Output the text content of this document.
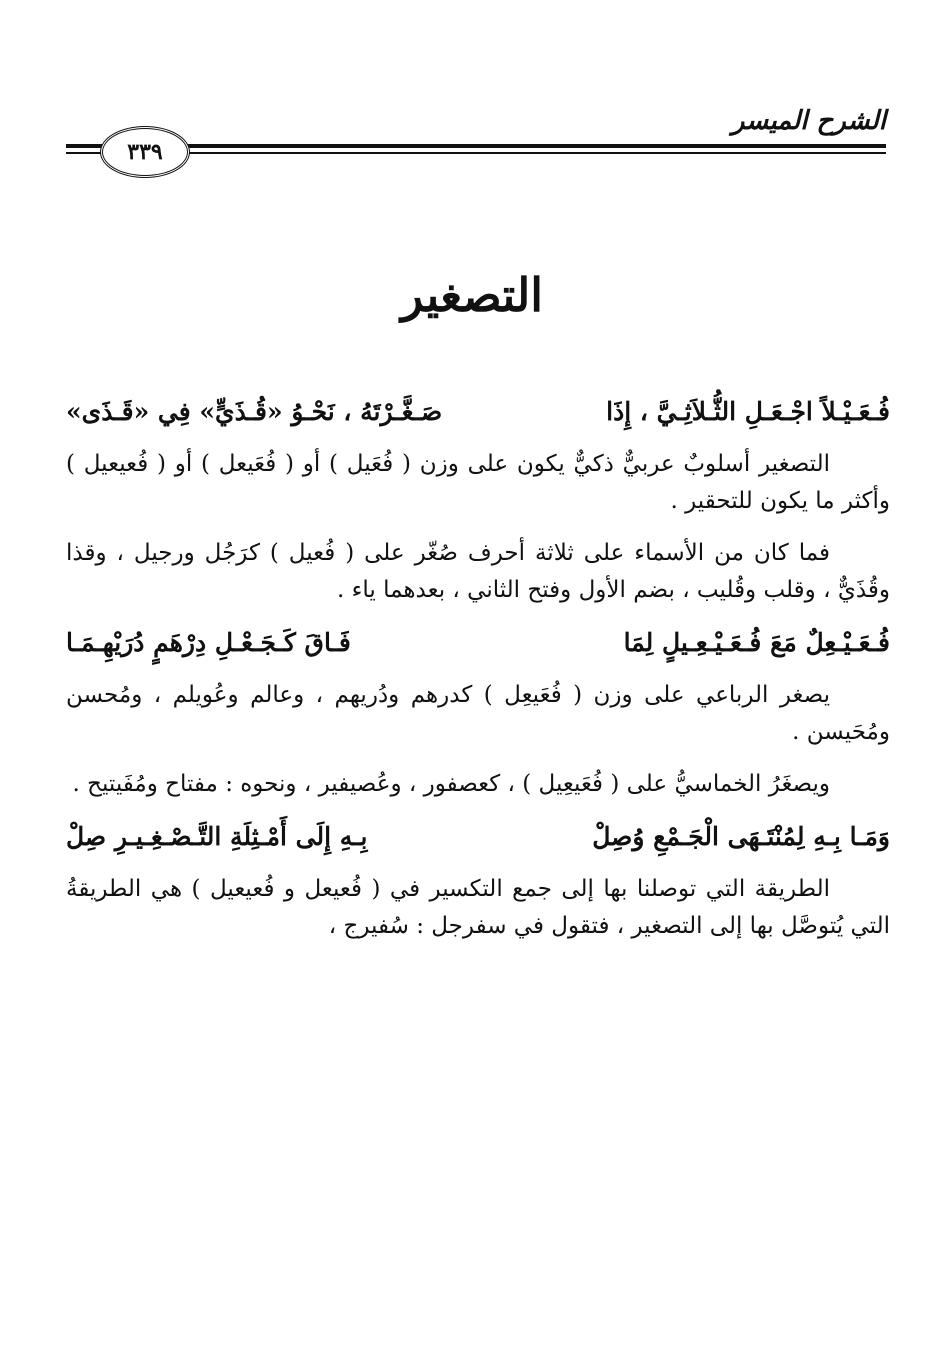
الشرح الميسر
٣٣٩
التصغير
فُـعَـيْـلاً اجْـعَـلِ الثُّـلاَثِـيَّ ، إِذَا
صَـغَّـرْتَهُ ، نَحْـوُ «قُـذَيٍّ» فِي «قَـذَى»

التصغير أسلوبٌ عربيٌّ ذكيٌّ يكون على وزن ( فُعَيل ) أو ( فُعَيعل ) أو ( فُعيعيل ) وأكثر ما يكون للتحقير .

فما كان من الأسماء على ثلاثة أحرف صُغّر على ( فُعيل ) كرَجُل ورجيل ، وقذا وقُذَيٌّ ، وقلب وقُليب ، بضم الأول وفتح الثاني ، بعدهما ياء .

فُـعَـيْـعِلٌ مَعَ فُـعَـيْـعِـيلٍ لِمَا
فَـاقَ كَـجَـعْـلِ دِرْهَمٍ دُرَيْهِـمَـا

يصغر الرباعي على وزن ( فُعَيعِل ) كدرهم ودُريهم ، وعالم وعُويلم ، ومُحسن ومُحَيسن .

ويصغَرُ الخماسيُّ على ( فُعَيعِيل ) ، كعصفور ، وعُصيفير ، ونحوه : مفتاح ومُفَيتيح .

وَمَـا بِـهِ لِمُنْتَـهَى الْجَـمْعِ وُصِلْ
بِـهِ إِلَى أَمْـثِلَةِ التَّـصْـغِـيـرِ صِلْ

الطريقة التي توصلنا بها إلى جمع التكسير في ( فُعيعل و فُعيعيل ) هي الطريقةُ التي يُتوصَّل بها إلى التصغير ، فتقول في سفرجل : سُفيرج ،
